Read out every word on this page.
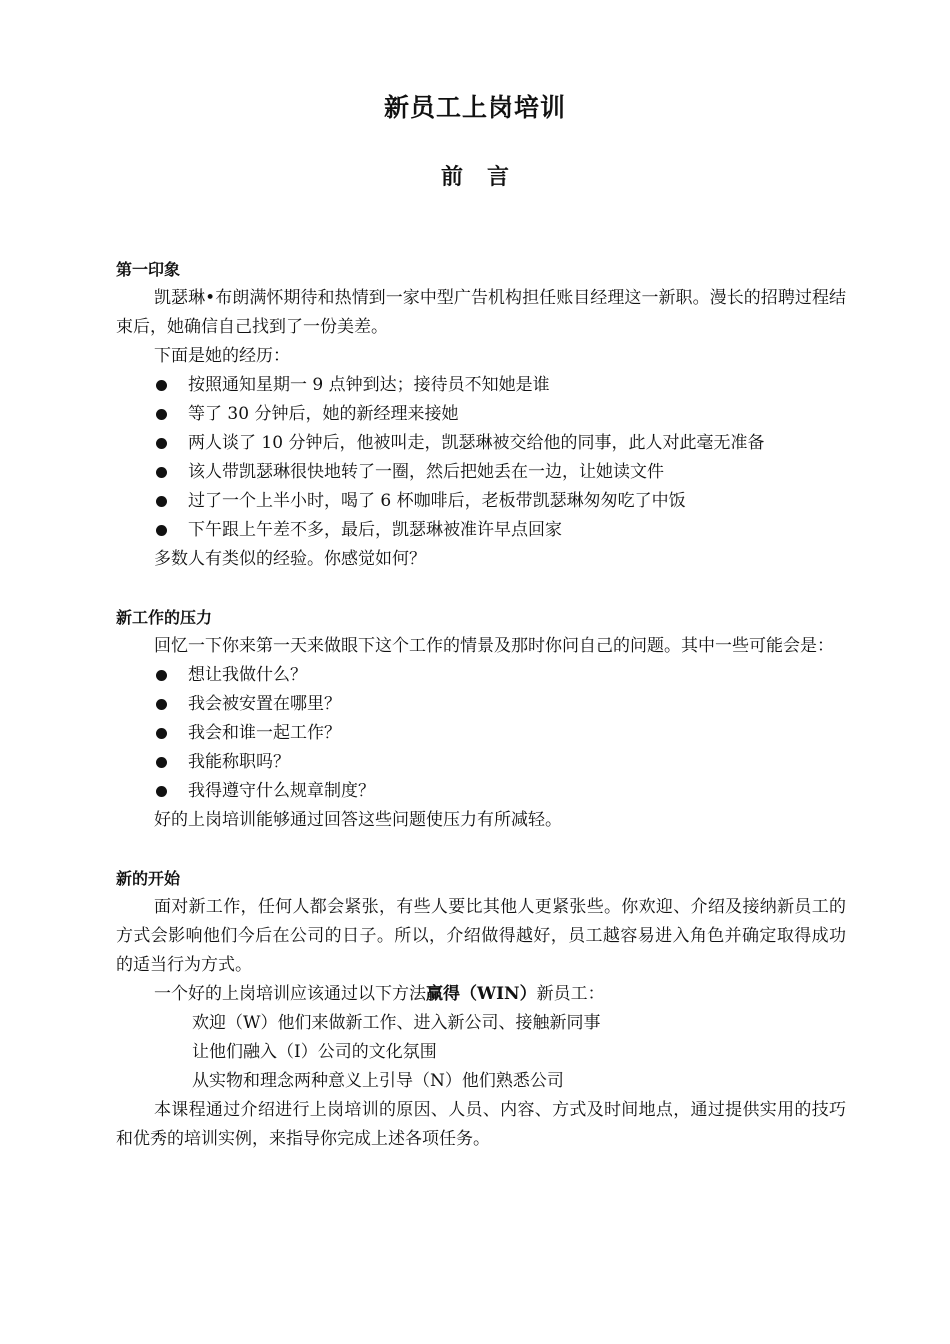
新员工上岗培训
前言
第一印象
凯瑟琳•布朗满怀期待和热情到一家中型广告机构担任账目经理这一新职。漫长的招聘过程结束后，她确信自己找到了一份美差。
下面是她的经历：
按照通知星期一 9 点钟到达；接待员不知她是谁
等了 30 分钟后，她的新经理来接她
两人谈了 10 分钟后，他被叫走，凯瑟琳被交给他的同事，此人对此毫无准备
该人带凯瑟琳很快地转了一圈，然后把她丢在一边，让她读文件
过了一个上半小时，喝了 6 杯咖啡后，老板带凯瑟琳匆匆吃了中饭
下午跟上午差不多，最后，凯瑟琳被准许早点回家
多数人有类似的经验。你感觉如何？
新工作的压力
回忆一下你来第一天来做眼下这个工作的情景及那时你问自己的问题。其中一些可能会是：
想让我做什么？
我会被安置在哪里？
我会和谁一起工作？
我能称职吗？
我得遵守什么规章制度？
好的上岗培训能够通过回答这些问题使压力有所减轻。
新的开始
面对新工作，任何人都会紧张，有些人要比其他人更紧张些。你欢迎、介绍及接纳新员工的方式会影响他们今后在公司的日子。所以，介绍做得越好，员工越容易进入角色并确定取得成功的适当行为方式。
一个好的上岗培训应该通过以下方法赢得（WIN）新员工：
欢迎（W）他们来做新工作、进入新公司、接触新同事
让他们融入（I）公司的文化氛围
从实物和理念两种意义上引导（N）他们熟悉公司
本课程通过介绍进行上岗培训的原因、人员、内容、方式及时间地点，通过提供实用的技巧和优秀的培训实例，来指导你完成上述各项任务。
